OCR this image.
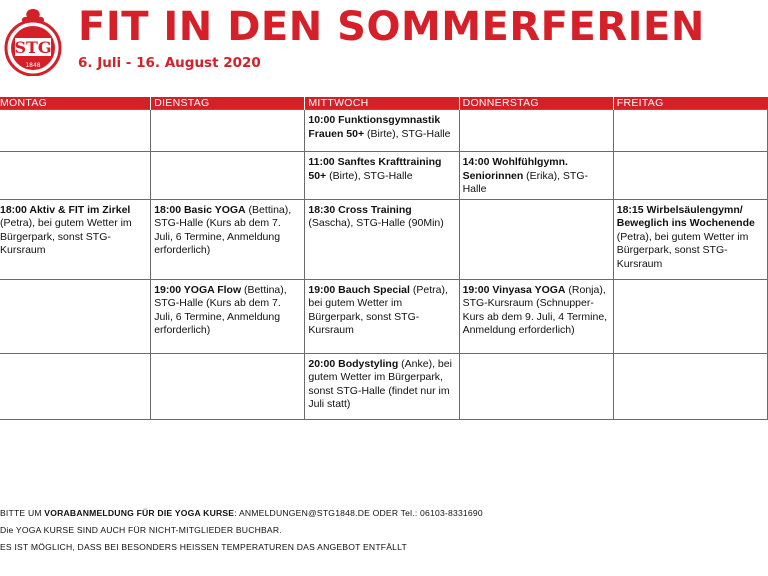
STG
1848
FIT IN DEN SOMMERFERIEN
6. Juli - 16. August 2020
MONTAG	DIENSTAG	MITTWOCH	DONNERSTAG	FREITAG
		10:00 Funktionsgymnastik Frauen 50+ (Birte), STG-Halle		
		11:00 Sanftes Krafttraining 50+ (Birte), STG-Halle	14:00 Wohlfühlgymn. Seniorinnen (Erika), STG-Halle	
18:00 Aktiv & FIT im Zirkel (Petra), bei gutem Wetter im Bürgerpark, sonst STG-Kursraum	18:00 Basic YOGA (Bettina), STG-Halle (Kurs ab dem 7. Juli, 6 Termine, Anmeldung erforderlich)	18:30 Cross Training (Sascha), STG-Halle (90Min)		18:15 Wirbelsäulengymn/ Beweglich ins Wochenende (Petra), bei gutem Wetter im Bürgerpark, sonst STG-Kursraum
	19:00 YOGA Flow (Bettina), STG-Halle (Kurs ab dem 7. Juli, 6 Termine, Anmeldung erforderlich)	19:00 Bauch Special (Petra), bei gutem Wetter im Bürgerpark, sonst STG-Kursraum	19:00 Vinyasa YOGA (Ronja), STG-Kursraum (Schnupper-Kurs ab dem 9. Juli, 4 Termine, Anmeldung erforderlich)	
		20:00 Bodystyling (Anke), bei gutem Wetter im Bürgerpark, sonst STG-Halle (findet nur im Juli statt)		
BITTE UM VORABANMELDUNG FÜR DIE YOGA KURSE: ANMELDUNGEN@STG1848.DE ODER Tel.: 06103-8331690
Die YOGA KURSE SIND AUCH FÜR NICHT-MITGLIEDER BUCHBAR.
ES IST MÖGLICH, DASS BEI BESONDERS HEISSEN TEMPERATUREN DAS ANGEBOT ENTFÄLLT
